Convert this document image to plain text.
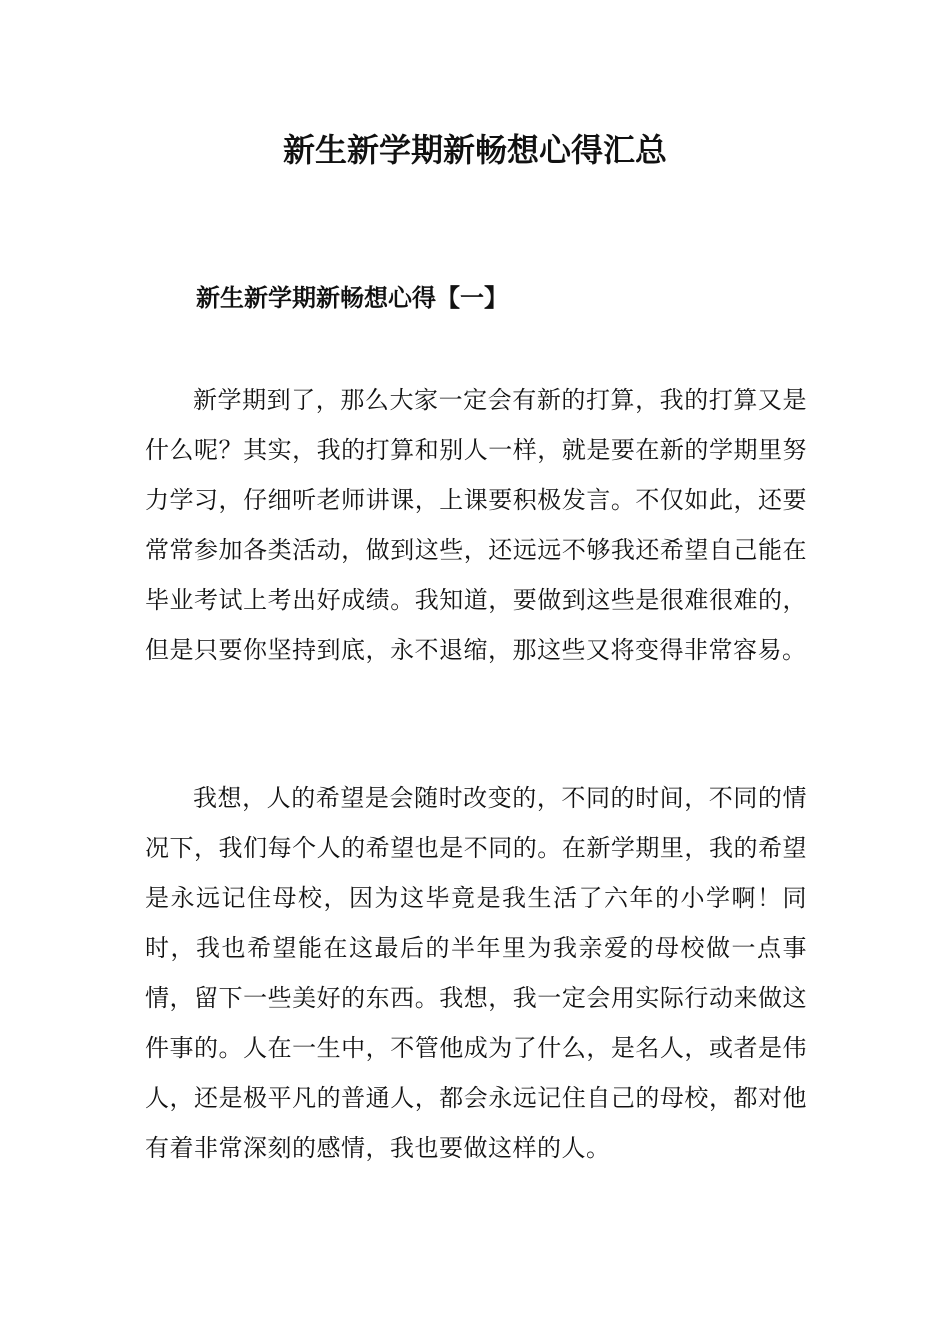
新生新学期新畅想心得汇总
新生新学期新畅想心得【一】

新学期到了，那么大家一定会有新的打算，我的打算又是什么呢？其实，我的打算和别人一样，就是要在新的学期里努力学习，仔细听老师讲课，上课要积极发言。不仅如此，还要常常参加各类活动，做到这些，还远远不够我还希望自己能在毕业考试上考出好成绩。我知道，要做到这些是很难很难的，但是只要你坚持到底，永不退缩，那这些又将变得非常容易。

我想，人的希望是会随时改变的，不同的时间，不同的情况下，我们每个人的希望也是不同的。在新学期里，我的希望是永远记住母校，因为这毕竟是我生活了六年的小学啊！同时，我也希望能在这最后的半年里为我亲爱的母校做一点事情，留下一些美好的东西。我想，我一定会用实际行动来做这件事的。人在一生中，不管他成为了什么，是名人，或者是伟人，还是极平凡的普通人，都会永远记住自己的母校，都对他有着非常深刻的感情，我也要做这样的人。
